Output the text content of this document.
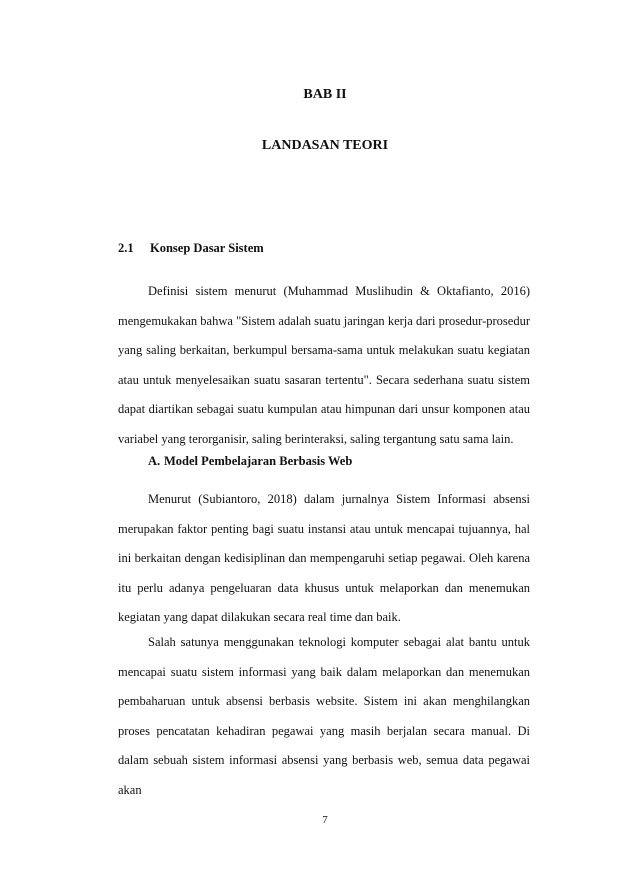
BAB II
LANDASAN TEORI
2.1 Konsep Dasar Sistem

Definisi sistem menurut (Muhammad Muslihudin & Oktafianto, 2016) mengemukakan bahwa "Sistem adalah suatu jaringan kerja dari prosedur-prosedur yang saling berkaitan, berkumpul bersama-sama untuk melakukan suatu kegiatan atau untuk menyelesaikan suatu sasaran tertentu". Secara sederhana suatu sistem dapat diartikan sebagai suatu kumpulan atau himpunan dari unsur komponen atau variabel yang terorganisir, saling berinteraksi, saling tergantung satu sama lain.

A. Model Pembelajaran Berbasis Web

Menurut (Subiantoro, 2018) dalam jurnalnya Sistem Informasi absensi merupakan faktor penting bagi suatu instansi atau untuk mencapai tujuannya, hal ini berkaitan dengan kedisiplinan dan mempengaruhi setiap pegawai. Oleh karena itu perlu adanya pengeluaran data khusus untuk melaporkan dan menemukan kegiatan yang dapat dilakukan secara real time dan baik.

Salah satunya menggunakan teknologi komputer sebagai alat bantu untuk mencapai suatu sistem informasi yang baik dalam melaporkan dan menemukan pembaharuan untuk absensi berbasis website. Sistem ini akan menghilangkan proses pencatatan kehadiran pegawai yang masih berjalan secara manual. Di dalam sebuah sistem informasi absensi yang berbasis web, semua data pegawai akan

7
